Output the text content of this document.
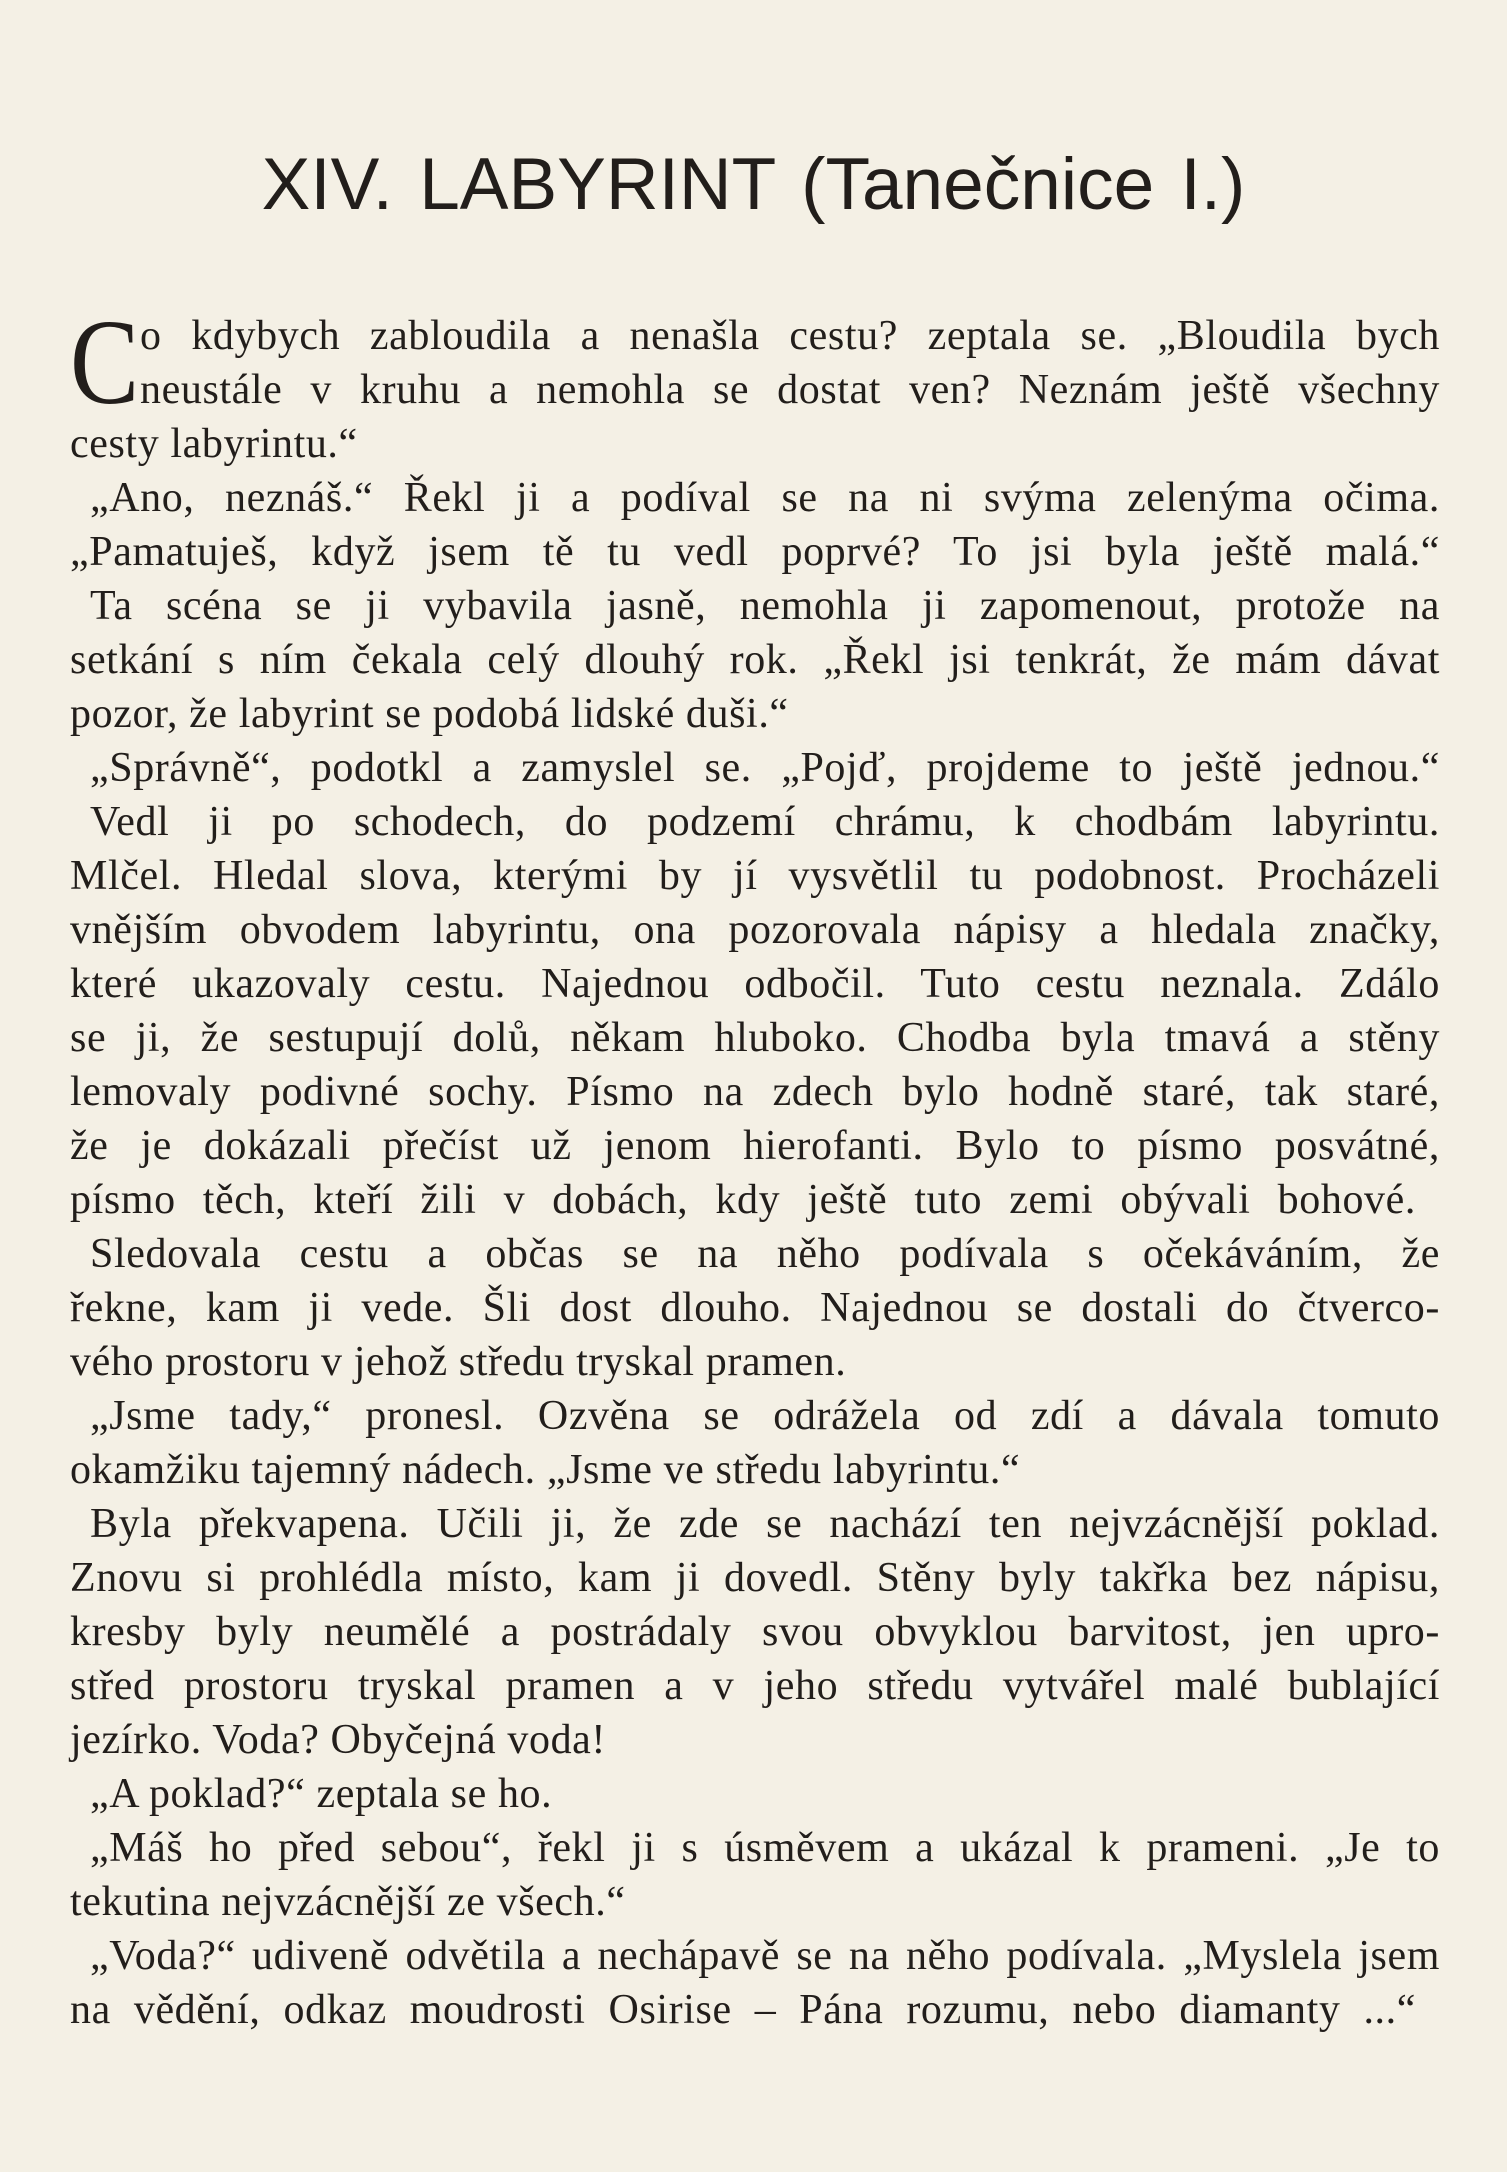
XIV. LABYRINT (Tanečnice I.)
C o kdybych zabloudila a nenašla cestu? zeptala se. „Bloudila bych
neustále v kruhu a nemohla se dostat ven? Neznám ještě všechny
cesty labyrintu.“
„Ano, neznáš.“ Řekl ji a podíval se na ni svýma zelenýma očima.
„Pamatuješ, když jsem tě tu vedl poprvé? To jsi byla ještě malá.“
Ta scéna se ji vybavila jasně, nemohla ji zapomenout, protože na
setkání s ním čekala celý dlouhý rok. „Řekl jsi tenkrát, že mám dávat
pozor, že labyrint se podobá lidské duši.“
„Správně“, podotkl a zamyslel se. „Pojď, projdeme to ještě jednou.“
Vedl ji po schodech, do podzemí chrámu, k chodbám labyrintu.
Mlčel. Hledal slova, kterými by jí vysvětlil tu podobnost. Procházeli
vnějším obvodem labyrintu, ona pozorovala nápisy a hledala značky,
které ukazovaly cestu. Najednou odbočil. Tuto cestu neznala. Zdálo
se ji, že sestupují dolů, někam hluboko. Chodba byla tmavá a stěny
lemovaly podivné sochy. Písmo na zdech bylo hodně staré, tak staré,
že je dokázali přečíst už jenom hierofanti. Bylo to písmo posvátné,
písmo těch, kteří žili v dobách, kdy ještě tuto zemi obývali bohové.
Sledovala cestu a občas se na něho podívala s očekáváním, že
řekne, kam ji vede. Šli dost dlouho. Najednou se dostali do čtverco-
vého prostoru v jehož středu tryskal pramen.
„Jsme tady,“ pronesl. Ozvěna se odrážela od zdí a dávala tomuto
okamžiku tajemný nádech. „Jsme ve středu labyrintu.“
Byla překvapena. Učili ji, že zde se nachází ten nejvzácnější poklad.
Znovu si prohlédla místo, kam ji dovedl. Stěny byly takřka bez nápisu,
kresby byly neumělé a postrádaly svou obvyklou barvitost, jen upro-
střed prostoru tryskal pramen a v jeho středu vytvářel malé bublající
jezírko. Voda? Obyčejná voda!
„A poklad?“ zeptala se ho.
„Máš ho před sebou“, řekl ji s úsměvem a ukázal k prameni. „Je to
tekutina nejvzácnější ze všech.“
„Voda?“ udiveně odvětila a nechápavě se na něho podívala. „Myslela jsem
na vědění, odkaz moudrosti Osirise – Pána rozumu, nebo diamanty ...“
